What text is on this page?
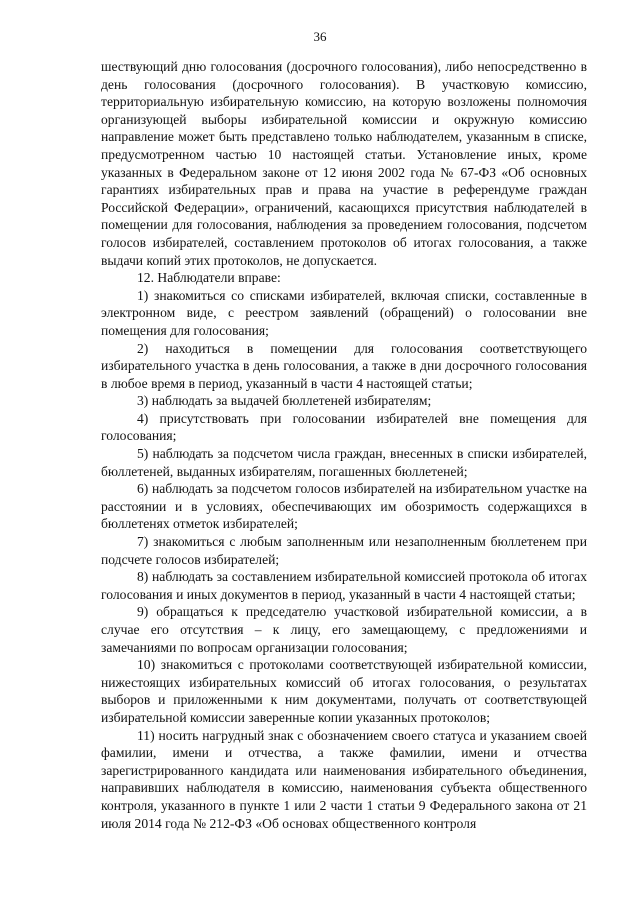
36

шествующий дню голосования (досрочного голосования), либо непосредственно в день голосования (досрочного голосования). В участковую комиссию, территориальную избирательную комиссию, на которую возложены полномочия организующей выборы избирательной комиссии и окружную комиссию направление может быть представлено только наблюдателем, указанным в списке, предусмотренном частью 10 настоящей статьи. Установление иных, кроме указанных в Федеральном законе от 12 июня 2002 года № 67-ФЗ «Об основных гарантиях избирательных прав и права на участие в референдуме граждан Российской Федерации», ограничений, касающихся присутствия наблюдателей в помещении для голосования, наблюдения за проведением голосования, подсчетом голосов избирателей, составлением протоколов об итогах голосования, а также выдачи копий этих протоколов, не допускается.

12. Наблюдатели вправе:

1) знакомиться со списками избирателей, включая списки, составленные в электронном виде, с реестром заявлений (обращений) о голосовании вне помещения для голосования;

2) находиться в помещении для голосования соответствующего избирательного участка в день голосования, а также в дни досрочного голосования в любое время в период, указанный в части 4 настоящей статьи;

3) наблюдать за выдачей бюллетеней избирателям;

4) присутствовать при голосовании избирателей вне помещения для голосования;

5) наблюдать за подсчетом числа граждан, внесенных в списки избирателей, бюллетеней, выданных избирателям, погашенных бюллетеней;

6) наблюдать за подсчетом голосов избирателей на избирательном участке на расстоянии и в условиях, обеспечивающих им обозримость содержащихся в бюллетенях отметок избирателей;

7) знакомиться с любым заполненным или незаполненным бюллетенем при подсчете голосов избирателей;

8) наблюдать за составлением избирательной комиссией протокола об итогах голосования и иных документов в период, указанный в части 4 настоящей статьи;

9) обращаться к председателю участковой избирательной комиссии, а в случае его отсутствия – к лицу, его замещающему, с предложениями и замечаниями по вопросам организации голосования;

10) знакомиться с протоколами соответствующей избирательной комиссии, нижестоящих избирательных комиссий об итогах голосования, о результатах выборов и приложенными к ним документами, получать от соответствующей избирательной комиссии заверенные копии указанных протоколов;

11) носить нагрудный знак с обозначением своего статуса и указанием своей фамилии, имени и отчества, а также фамилии, имени и отчества зарегистрированного кандидата или наименования избирательного объединения, направивших наблюдателя в комиссию, наименования субъекта общественного контроля, указанного в пункте 1 или 2 части 1 статьи 9 Федерального закона от 21 июля 2014 года № 212-ФЗ «Об основах общественного контроля
